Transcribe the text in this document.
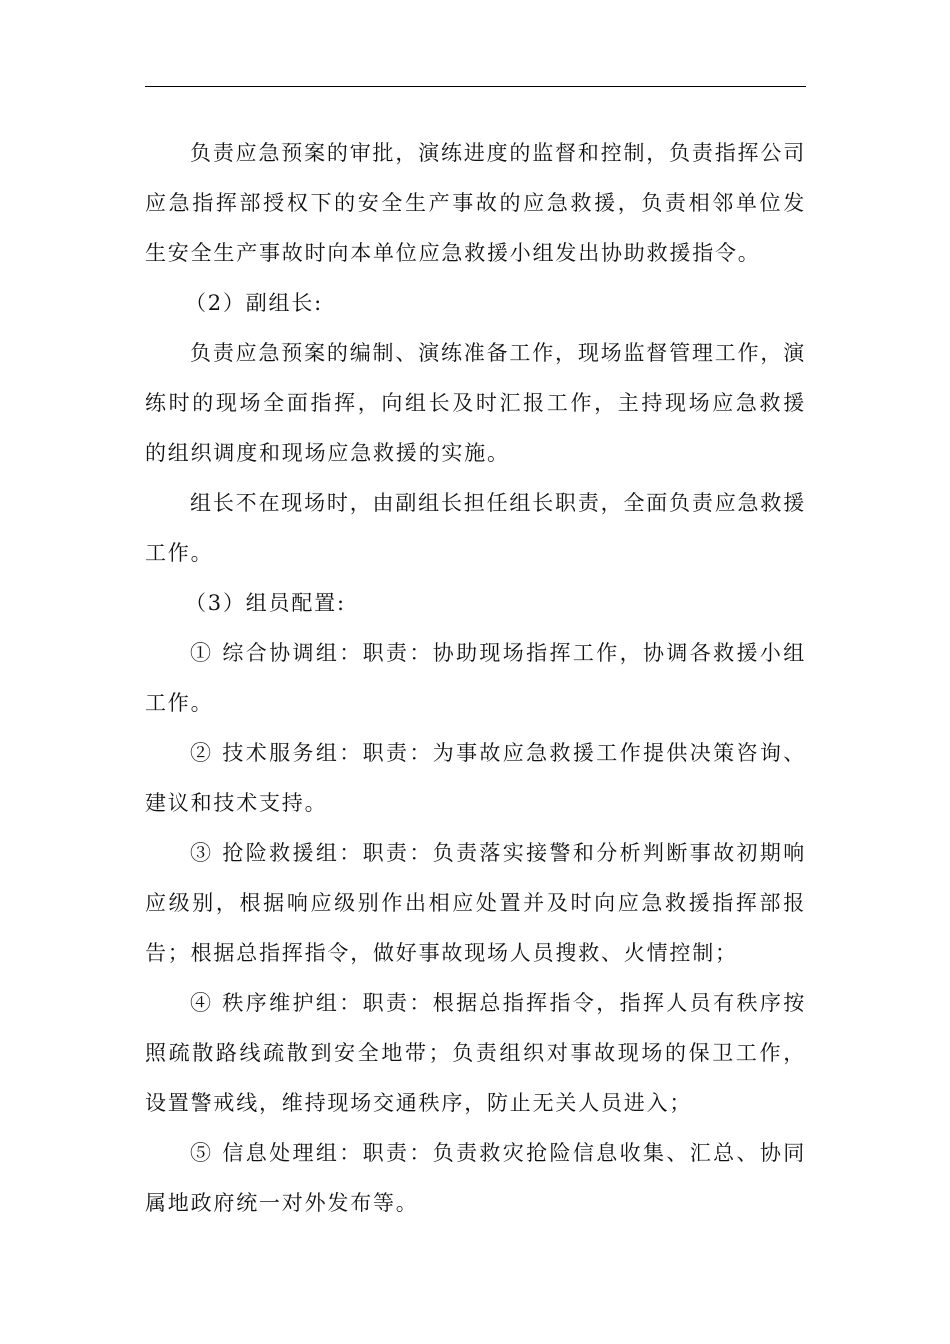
负责应急预案的审批，演练进度的监督和控制，负责指挥公司应急指挥部授权下的安全生产事故的应急救援，负责相邻单位发生安全生产事故时向本单位应急救援小组发出协助救援指令。

（2）副组长:

负责应急预案的编制、演练准备工作，现场监督管理工作，演练时的现场全面指挥，向组长及时汇报工作，主持现场应急救援的组织调度和现场应急救援的实施。

组长不在现场时，由副组长担任组长职责，全面负责应急救援工作。

（3）组员配置:

① 综合协调组：职责：协助现场指挥工作，协调各救援小组工作。

② 技术服务组：职责：为事故应急救援工作提供决策咨询、建议和技术支持。

③ 抢险救援组：职责：负责落实接警和分析判断事故初期响应级别，根据响应级别作出相应处置并及时向应急救援指挥部报告；根据总指挥指令，做好事故现场人员搜救、火情控制；

④ 秩序维护组：职责：根据总指挥指令，指挥人员有秩序按照疏散路线疏散到安全地带；负责组织对事故现场的保卫工作，设置警戒线，维持现场交通秩序，防止无关人员进入；

⑤ 信息处理组：职责：负责救灾抢险信息收集、汇总、协同属地政府统一对外发布等。
